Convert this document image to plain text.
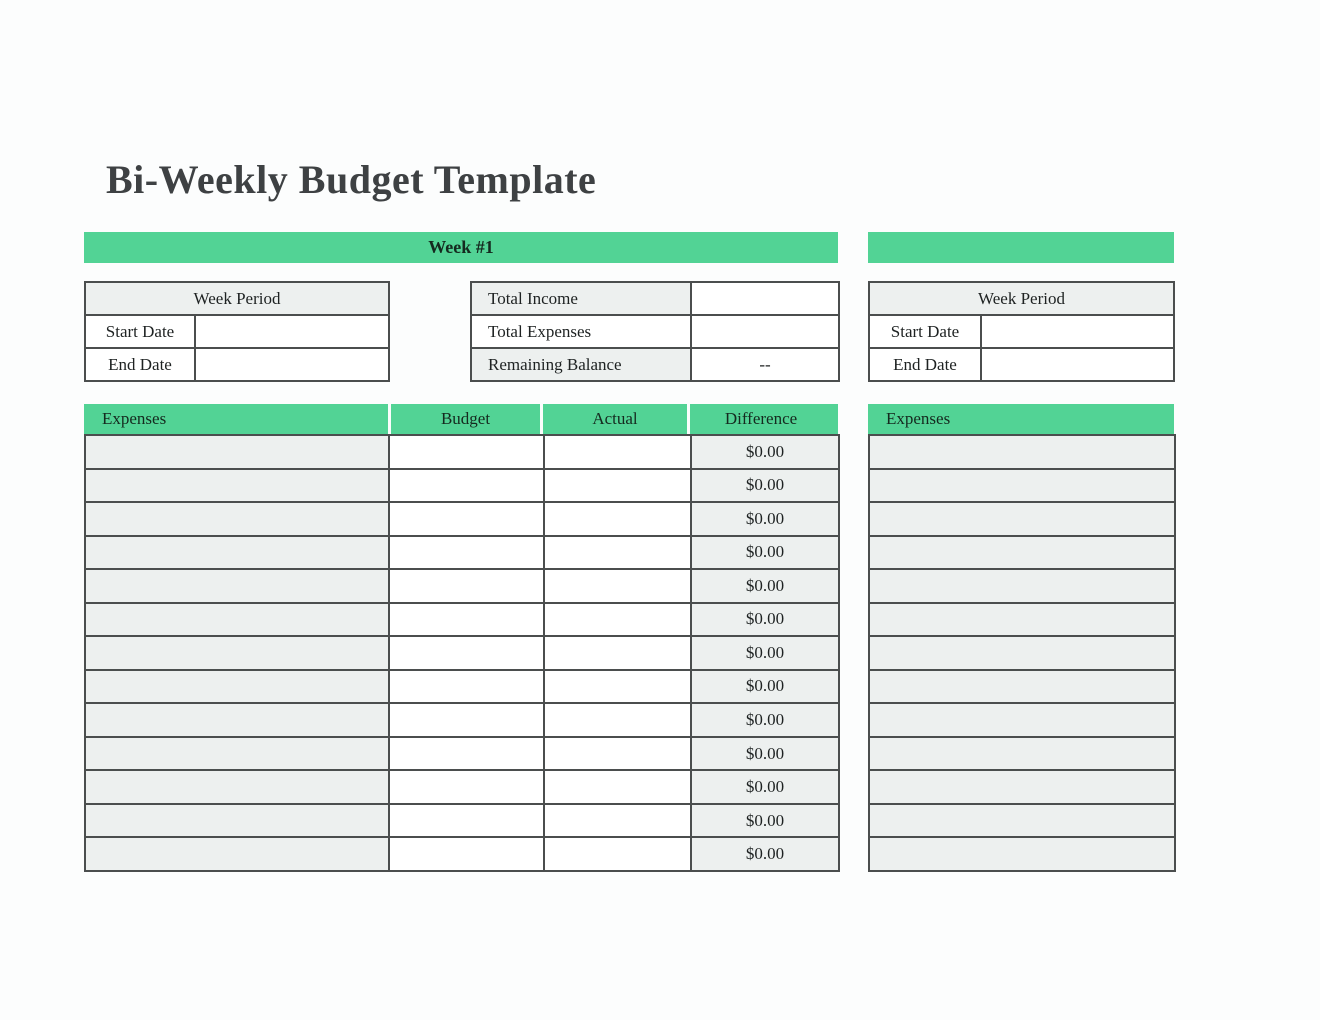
Bi-Weekly Budget Template
Week #1
Week Period	
Start Date	
End Date	
Total Income	
Total Expenses	
Remaining Balance	--
Week Period	
Start Date	
End Date	
Expenses	Budget	Actual	Difference
			$0.00
			$0.00
			$0.00
			$0.00
			$0.00
			$0.00
			$0.00
			$0.00
			$0.00
			$0.00
			$0.00
			$0.00
			$0.00
Expenses
